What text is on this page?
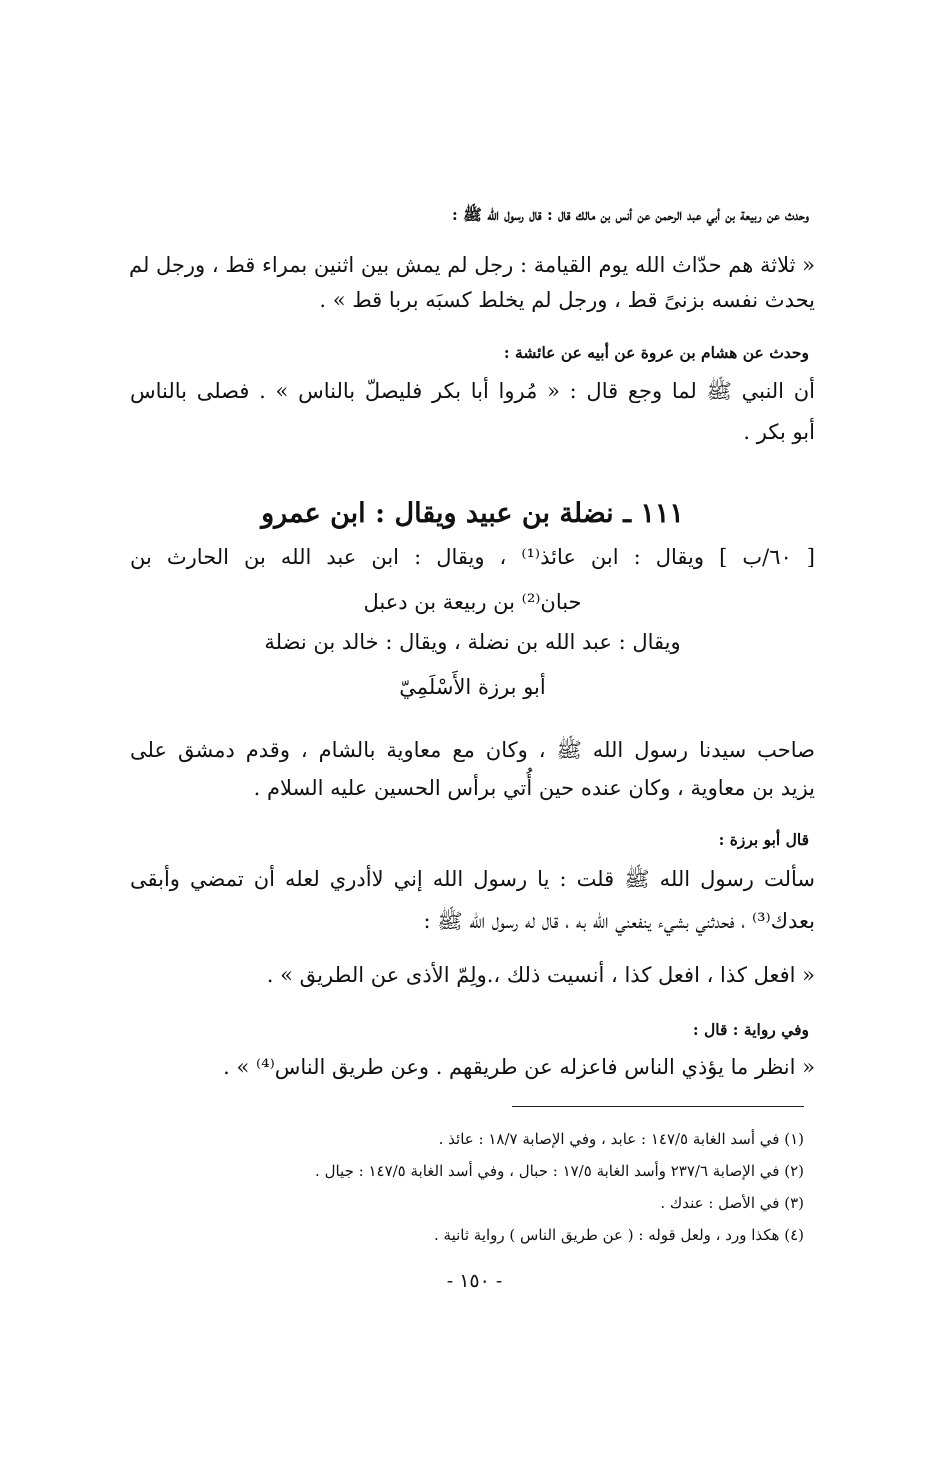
وحدث عن ربيعة بن أبي عبد الرحمن عن أنس بن مالك قال : قال رسول الله ﷺ :
« ثلاثة هم حدّاث الله يوم القيامة : رجل لم يمش بين اثنين بمراء قط ، ورجل لم
يحدث نفسه بزنىً قط ، ورجل لم يخلط كسبَه بربا قط » .
وحدث عن هشام بن عروة عن أبيه عن عائشة :
أن النبي ﷺ لما وجع قال : « مُروا أبا بكر فليصلّ بالناس » . فصلى بالناس
أبو بكر .
١١١ ـ نضلة بن عبيد ويقال : ابن عمرو
[ ٦٠/ب ] ويقال : ابن عائذ⁽¹⁾ ، ويقال : ابن عبد الله بن الحارث بن
حبان⁽²⁾ بن ربيعة بن دعبل
ويقال : عبد الله بن نضلة ، ويقال : خالد بن نضلة
أبو برزة الأَسْلَمِيّ
صاحب سيدنا رسول الله ﷺ ، وكان مع معاوية بالشام ، وقدم دمشق على
يزيد بن معاوية ، وكان عنده حين أُتي برأس الحسين عليه السلام .
قال أبو برزة :
سألت رسول الله ﷺ قلت : يا رسول الله إني لاأدري لعله أن تمضي وأبقى
بعدك⁽³⁾ ، فحدثني بشيء ينفعني الله به ، قال له رسول الله ﷺ :
« افعل كذا ، افعل كذا ، أنسيت ذلك ،.ولِمّ الأذى عن الطريق » .
وفي رواية : قال :
« انظر ما يؤذي الناس فاعزله عن طريقهم . وعن طريق الناس⁽⁴⁾ » .
(١) في أسد الغابة ١٤٧/٥ : عابد ، وفي الإصابة ١٨/٧ : عائذ .
(٢) في الإصابة ٢٣٧/٦ وأسد الغابة ١٧/٥ : حبال ، وفي أسد الغابة ١٤٧/٥ : جيال .
(٣) في الأصل : عندك .
(٤) هكذا ورد ، ولعل قوله : ( عن طريق الناس ) رواية ثانية .
- ١٥٠ -
